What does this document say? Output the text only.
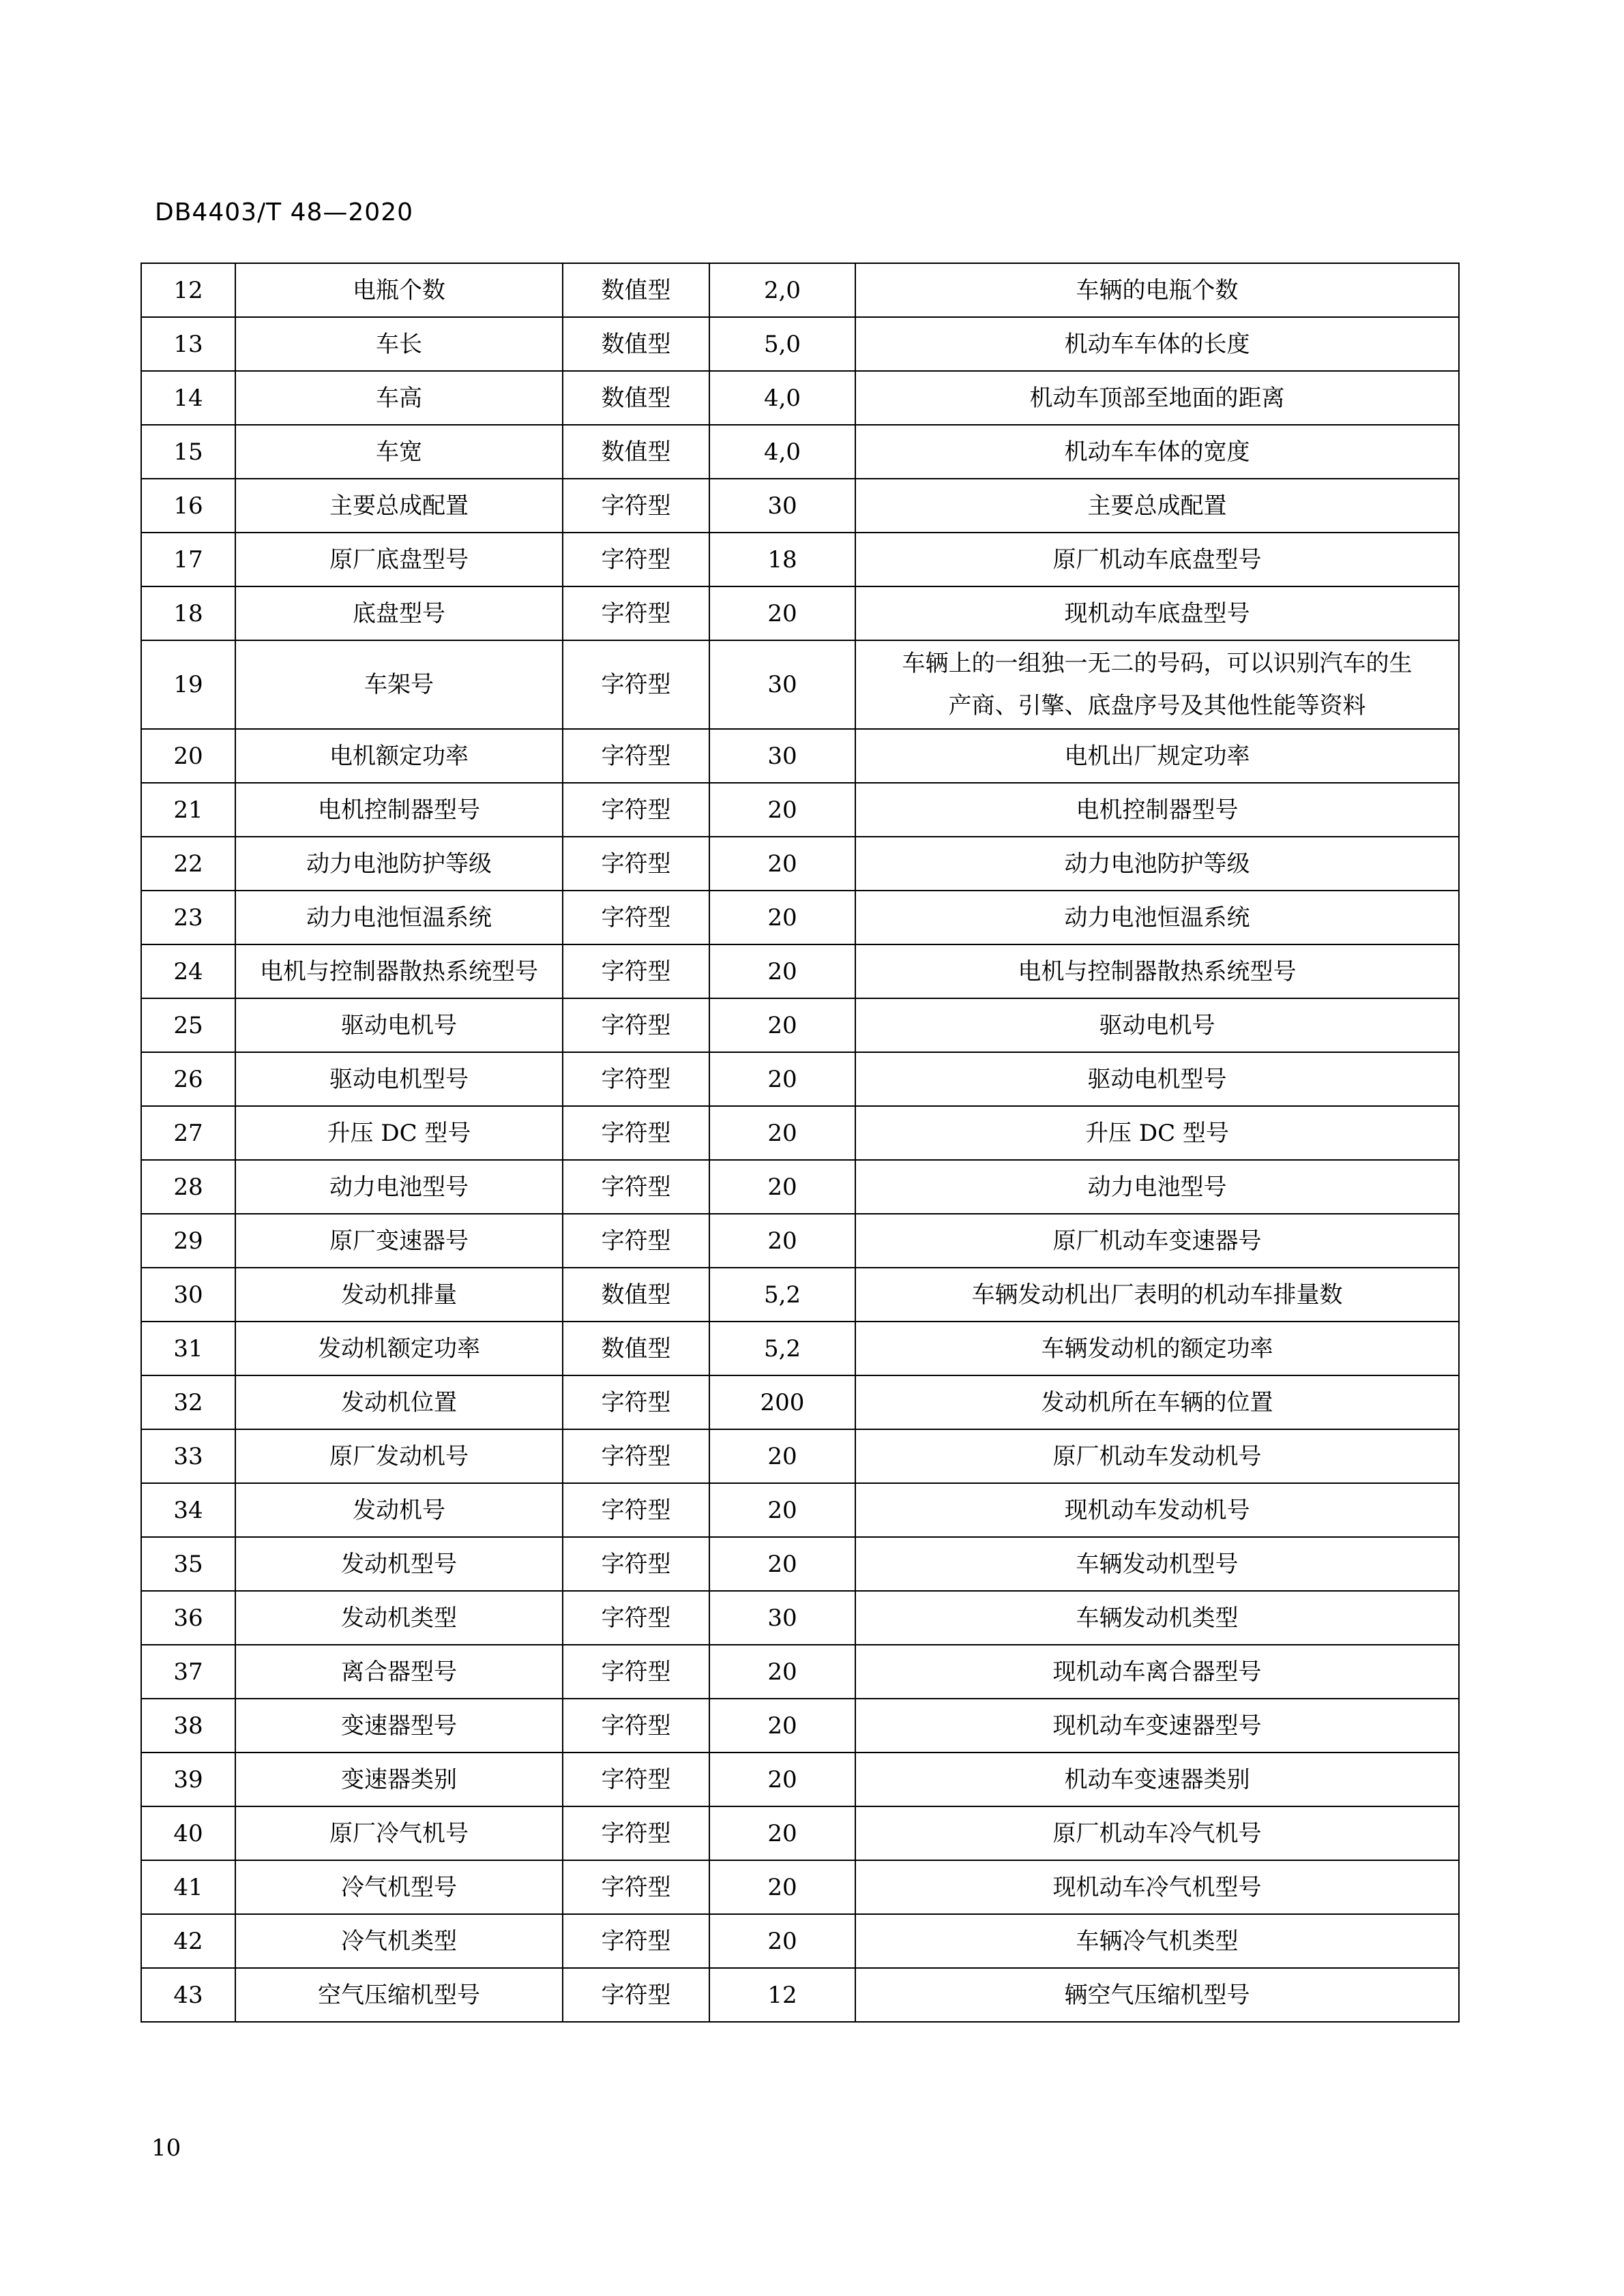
DB4403/T 48—2020
12	电瓶个数	数值型	2,0	车辆的电瓶个数
13	车长	数值型	5,0	机动车车体的长度
14	车高	数值型	4,0	机动车顶部至地面的距离
15	车宽	数值型	4,0	机动车车体的宽度
16	主要总成配置	字符型	30	主要总成配置
17	原厂底盘型号	字符型	18	原厂机动车底盘型号
18	底盘型号	字符型	20	现机动车底盘型号
19	车架号	字符型	30	车辆上的一组独一无二的号码，可以识别汽车的生产商、引擎、底盘序号及其他性能等资料
20	电机额定功率	字符型	30	电机出厂规定功率
21	电机控制器型号	字符型	20	电机控制器型号
22	动力电池防护等级	字符型	20	动力电池防护等级
23	动力电池恒温系统	字符型	20	动力电池恒温系统
24	电机与控制器散热系统型号	字符型	20	电机与控制器散热系统型号
25	驱动电机号	字符型	20	驱动电机号
26	驱动电机型号	字符型	20	驱动电机型号
27	升压 DC 型号	字符型	20	升压 DC 型号
28	动力电池型号	字符型	20	动力电池型号
29	原厂变速器号	字符型	20	原厂机动车变速器号
30	发动机排量	数值型	5,2	车辆发动机出厂表明的机动车排量数
31	发动机额定功率	数值型	5,2	车辆发动机的额定功率
32	发动机位置	字符型	200	发动机所在车辆的位置
33	原厂发动机号	字符型	20	原厂机动车发动机号
34	发动机号	字符型	20	现机动车发动机号
35	发动机型号	字符型	20	车辆发动机型号
36	发动机类型	字符型	30	车辆发动机类型
37	离合器型号	字符型	20	现机动车离合器型号
38	变速器型号	字符型	20	现机动车变速器型号
39	变速器类别	字符型	20	机动车变速器类别
40	原厂冷气机号	字符型	20	原厂机动车冷气机号
41	冷气机型号	字符型	20	现机动车冷气机型号
42	冷气机类型	字符型	20	车辆冷气机类型
43	空气压缩机型号	字符型	12	辆空气压缩机型号
10
